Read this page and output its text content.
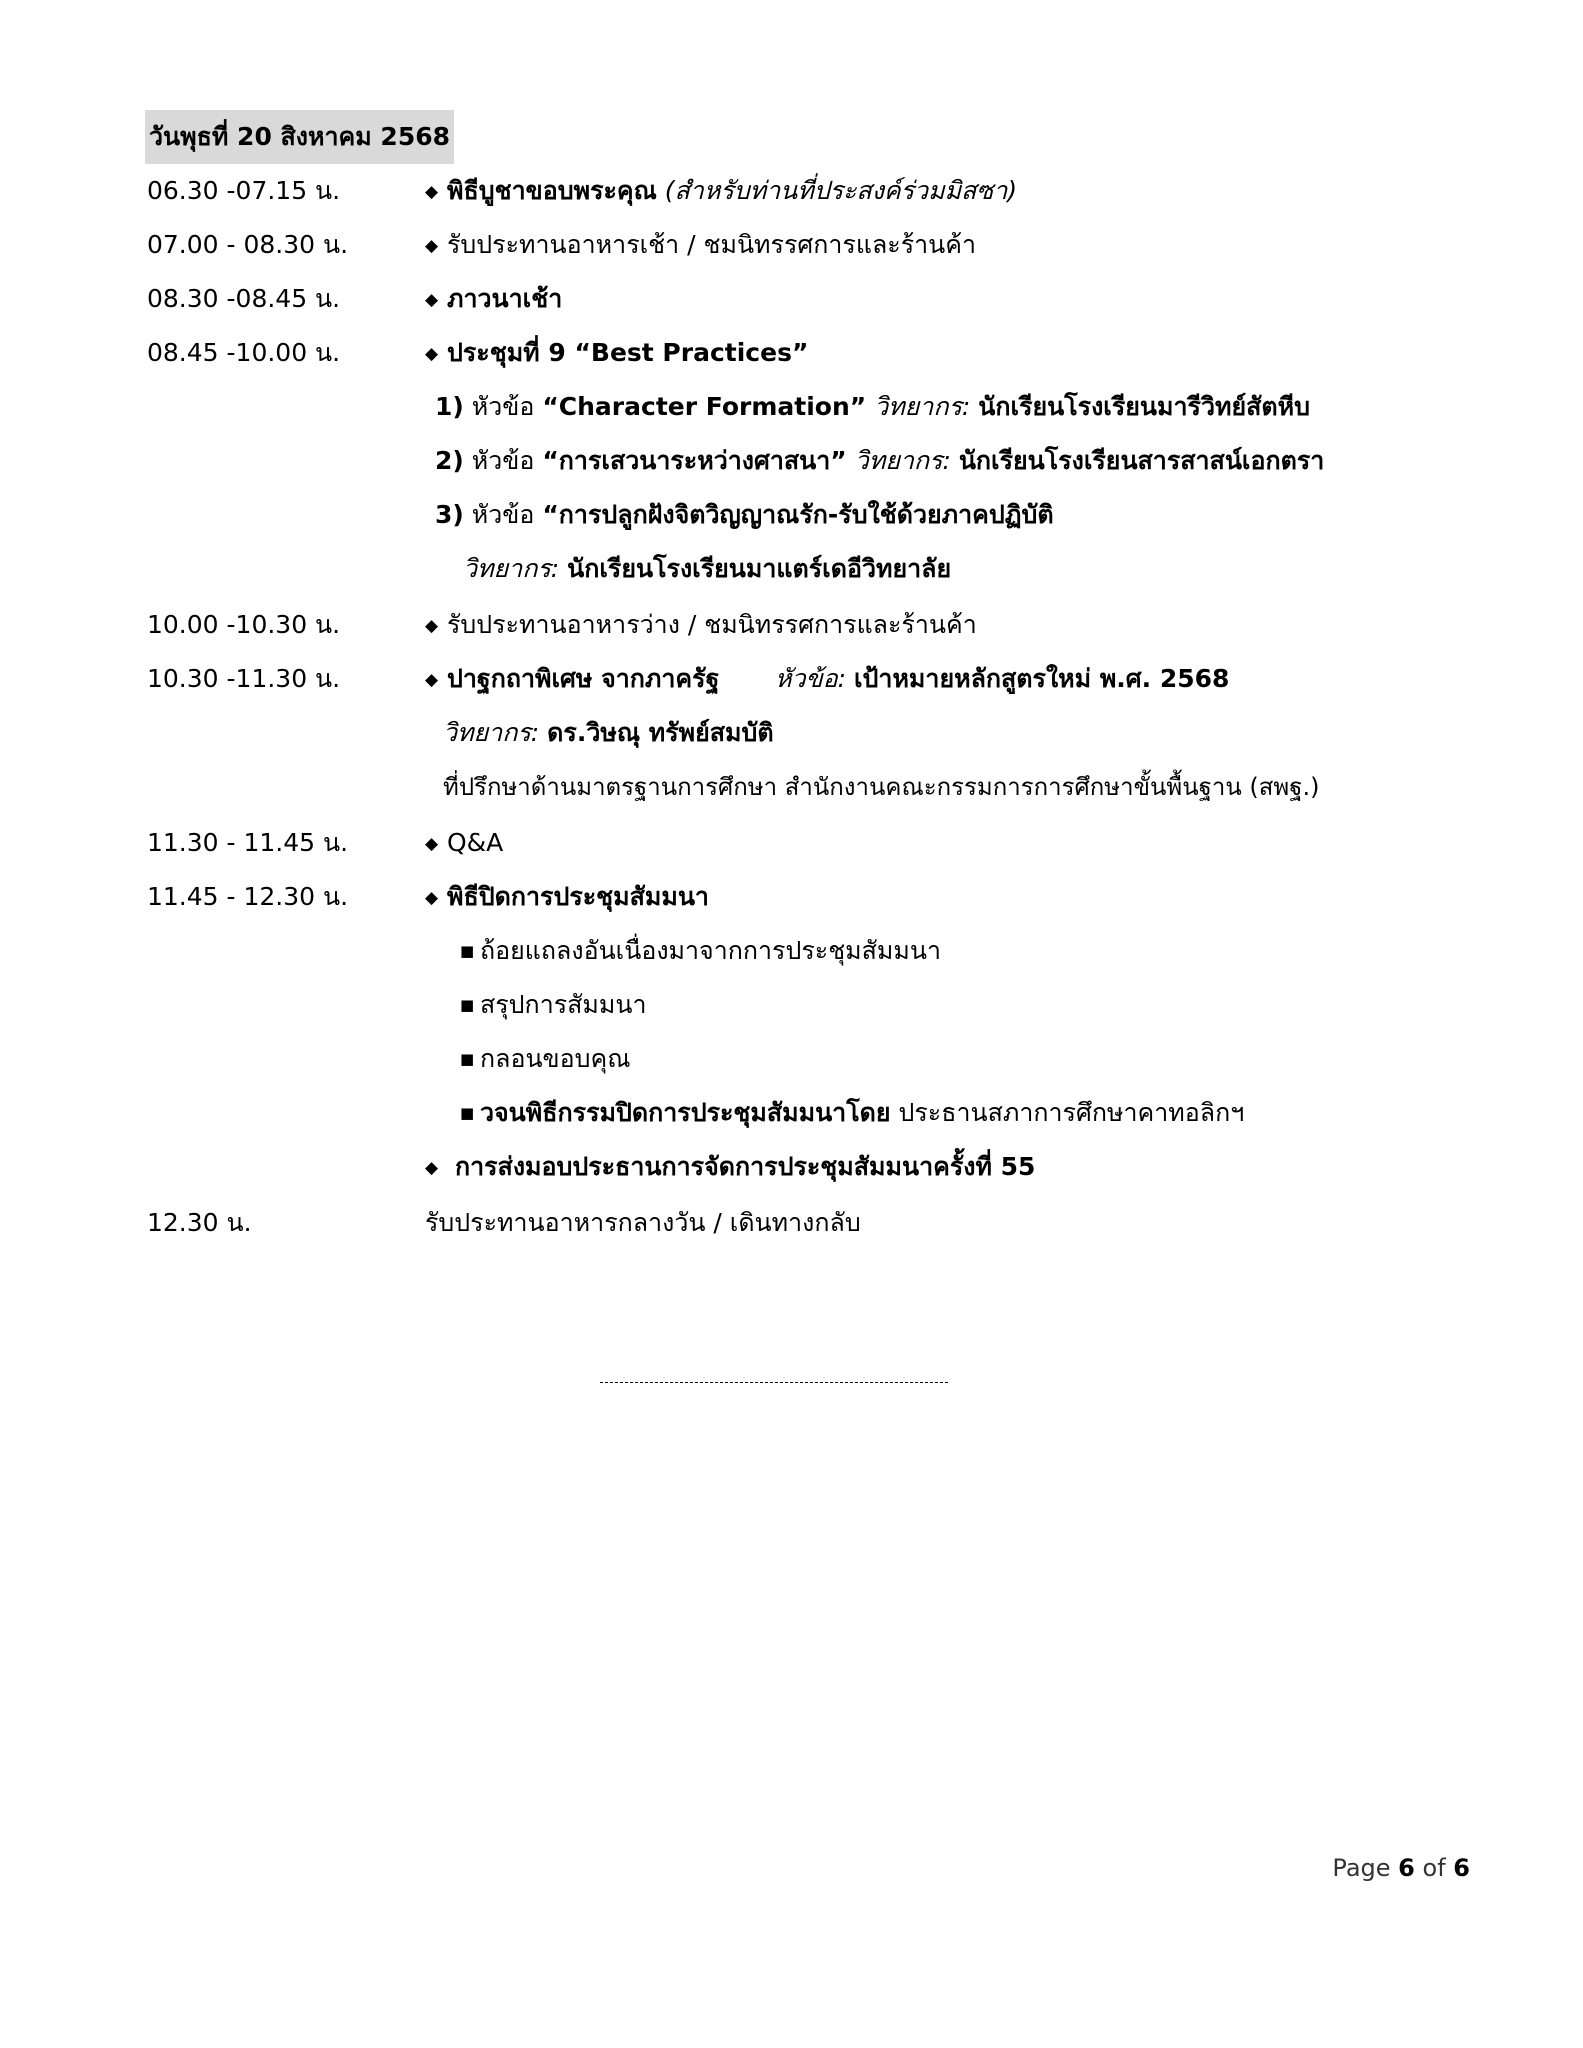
วันพุธที่ 20 สิงหาคม 2568
06.30 -07.15 น.	◆ พิธีบูชาขอบพระคุณ (สำหรับท่านที่ประสงค์ร่วมมิสซา)
07.00 - 08.30 น.	◆ รับประทานอาหารเช้า / ชมนิทรรศการและร้านค้า
08.30 -08.45 น.	◆ ภาวนาเช้า
08.45 -10.00 น.	◆ ประชุมที่ 9 “Best Practices”
1) หัวข้อ “Character Formation” วิทยากร: นักเรียนโรงเรียนมารีวิทย์สัตหีบ
2) หัวข้อ “การเสวนาระหว่างศาสนา” วิทยากร: นักเรียนโรงเรียนสารสาสน์เอกตรา
3) หัวข้อ “การปลูกฝังจิตวิญญาณรัก-รับใช้ด้วยภาคปฏิบัติ
วิทยากร: นักเรียนโรงเรียนมาแตร์เดอีวิทยาลัย
10.00 -10.30 น.	◆ รับประทานอาหารว่าง / ชมนิทรรศการและร้านค้า
10.30 -11.30 น.	◆ ปาฐกถาพิเศษ จากภาครัฐ หัวข้อ: เป้าหมายหลักสูตรใหม่ พ.ศ. 2568
วิทยากร: ดร.วิษณุ ทรัพย์สมบัติ
ที่ปรึกษาด้านมาตรฐานการศึกษา สำนักงานคณะกรรมการการศึกษาขั้นพื้นฐาน (สพฐ.)
11.30 - 11.45 น.	◆ Q&A
11.45 - 12.30 น.	◆ พิธีปิดการประชุมสัมมนา
■ ถ้อยแถลงอันเนื่องมาจากการประชุมสัมมนา
■ สรุปการสัมมนา
■ กลอนขอบคุณ
■ วจนพิธีกรรมปิดการประชุมสัมมนาโดย ประธานสภาการศึกษาคาทอลิกฯ
◆ การส่งมอบประธานการจัดการประชุมสัมมนาครั้งที่ 55
12.30 น.	รับประทานอาหารกลางวัน / เดินทางกลับ
Page 6 of 6
